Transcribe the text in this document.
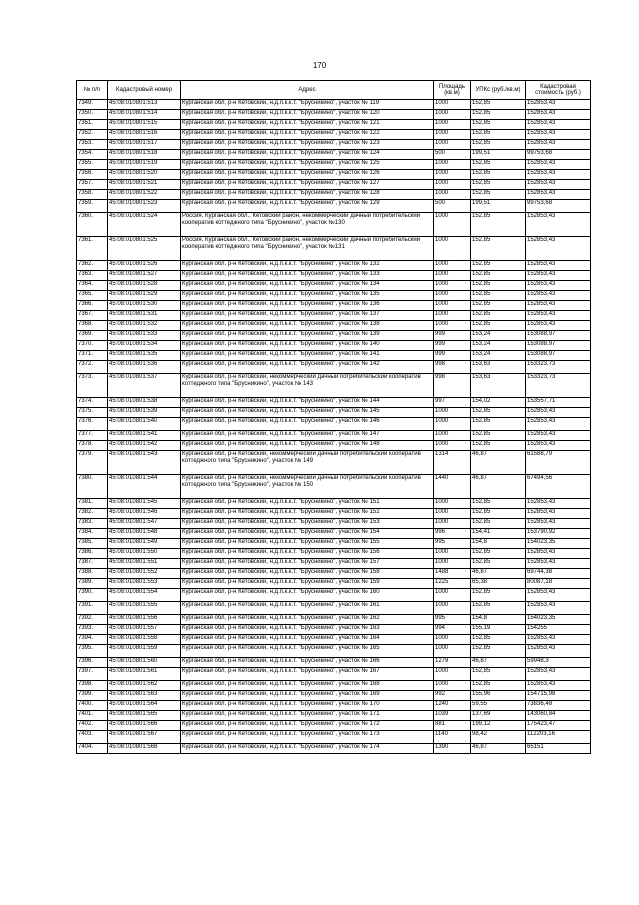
170
№ п/п	Кадастровый номер	Адрес	Площадь (кв.м)	УПКс (руб./кв.м)	Кадастровая стоимость (руб.)
7349.	45:08:010801:513	Курганская обл, р-н Кетовский, н.д.п.к.к.т. "Брусникино", участок № 119	1000	152,85	152853,43
7350.	45:08:010801:514	Курганская обл, р-н Кетовский, н.д.п.к.к.т. "Брусникино", участок № 120	1000	152,85	152853,43
7351.	45:08:010801:515	Курганская обл, р-н Кетовский, н.д.п.к.к.т. "Брусникино", участок № 121	1000	152,85	152853,43
7352.	45:08:010801:516	Курганская обл, р-н Кетовский, н.д.п.к.к.т. "Брусникино", участок № 122	1000	152,85	152853,43
7353.	45:08:010801:517	Курганская обл, р-н Кетовский, н.д.п.к.к.т. "Брусникино", участок № 123	1000	152,85	152853,43
7354.	45:08:010801:518	Курганская обл, р-н Кетовский, н.д.п.к.к.т. "Брусникино", участок № 124	500	199,51	99753,68
7355.	45:08:010801:519	Курганская обл, р-н Кетовский, н.д.п.к.к.т. "Брусникино", участок № 125	1000	152,85	152853,43
7356.	45:08:010801:520	Курганская обл, р-н Кетовский, н.д.п.к.к.т. "Брусникино", участок № 126	1000	152,85	152853,43
7357.	45:08:010801:521	Курганская обл, р-н Кетовский, н.д.п.к.к.т. "Брусникино", участок № 127	1000	152,85	152853,43
7358.	45:08:010801:522	Курганская обл, р-н Кетовский, н.д.п.к.к.т. "Брусникино", участок № 128	1000	152,85	152853,43
7359.	45:08:010801:523	Курганская обл, р-н Кетовский, н.д.п.к.к.т. "Брусникино", участок № 129	500	199,51	99753,68
7360.	45:08:010801:524	Россия, Курганская обл., Кетовский район, некоммерческий дачный потребительский кооператив коттеджного типа "Брусникино", участок №130	1000	152,85	152853,43
7361.	45:08:010801:525	Россия, Курганская обл., Кетовский район, некоммерческий дачный потребительский кооператив коттеджного типа "Брусникино", участок №131	1000	152,85	152853,43
7362.	45:08:010801:526	Курганская обл, р-н Кетовский, н.д.п.к.к.т. "Брусникино", участок № 132	1000	152,85	152853,43
7363.	45:08:010801:527	Курганская обл, р-н Кетовский, н.д.п.к.к.т. "Брусникино", участок № 133	1000	152,85	152853,43
7364.	45:08:010801:528	Курганская обл, р-н Кетовский, н.д.п.к.к.т. "Брусникино", участок № 134	1000	152,85	152853,43
7365.	45:08:010801:529	Курганская обл, р-н Кетовский, н.д.п.к.к.т. "Брусникино", участок № 135	1000	152,85	152853,43
7366.	45:08:010801:530	Курганская обл, р-н Кетовский, н.д.п.к.к.т. "Брусникино", участок № 136	1000	152,85	152853,43
7367.	45:08:010801:531	Курганская обл, р-н Кетовский, н.д.п.к.к.т. "Брусникино", участок № 137	1000	152,85	152853,43
7368.	45:08:010801:532	Курганская обл, р-н Кетовский, н.д.п.к.к.т. "Брусникино", участок № 138	1000	152,85	152853,43
7369.	45:08:010801:533	Курганская обл, р-н Кетовский, н.д.п.к.к.т. "Брусникино", участок № 139	999	153,24	153088,97
7370.	45:08:010801:534	Курганская обл, р-н Кетовский, н.д.п.к.к.т. "Брусникино", участок № 140	999	153,24	153088,97
7371.	45:08:010801:535	Курганская обл, р-н Кетовский, н.д.п.к.к.т. "Брусникино", участок № 141	999	153,24	153088,97
7372.	45:08:010801:536	Курганская обл, р-н Кетовский, н.д.п.к.к.т. "Брусникино", участок № 142	998	153,63	153323,73
7373.	45:08:010801:537	Курганская обл, р-н Кетовский, некоммерческий дачный потребительский кооператив коттеджного типа "Брусникино", участок № 143	998	153,63	153323,73
7374.	45:08:010801:538	Курганская обл, р-н Кетовский, н.д.п.к.к.т. "Брусникино", участок № 144	997	154,02	153557,71
7375.	45:08:010801:539	Курганская обл, р-н Кетовский, н.д.п.к.к.т. "Брусникино", участок № 145	1000	152,85	152853,43
7376.	45:08:010801:540	Курганская обл, р-н Кетовский, н.д.п.к.к.т. "Брусникино", участок № 146	1000	152,85	152853,43
7377.	45:08:010801:541	Курганская обл, р-н Кетовский, н.д.п.к.к.т. "Брусникино", участок № 147	1000	152,85	152853,43
7378.	45:08:010801:542	Курганская обл, р-н Кетовский, н.д.п.к.к.т. "Брусникино", участок № 148	1000	152,85	152853,43
7379.	45:08:010801:543	Курганская обл, р-н Кетовский, некоммерческий дачный потребительский кооператив коттеджного типа "Брусникино", участок № 149	1314	46,87	61588,79
7380.	45:08:010801:544	Курганская обл, р-н Кетовский, некоммерческий дачный потребительский кооператив коттеджного типа "Брусникино", участок № 150	1440	46,87	67494,56
7381.	45:08:010801:545	Курганская обл, р-н Кетовский, н.д.п.к.к.т. "Брусникино", участок № 151	1000	152,85	152853,43
7382.	45:08:010801:546	Курганская обл, р-н Кетовский, н.д.п.к.к.т. "Брусникино", участок № 152	1000	152,85	152853,43
7383.	45:08:010801:547	Курганская обл, р-н Кетовский, н.д.п.к.к.т. "Брусникино", участок № 153	1000	152,85	152853,43
7384.	45:08:010801:548	Курганская обл, р-н Кетовский, н.д.п.к.к.т. "Брусникино", участок № 154	996	154,41	153790,92
7385.	45:08:010801:549	Курганская обл, р-н Кетовский, н.д.п.к.к.т. "Брусникино", участок № 155	995	154,8	154023,35
7386.	45:08:010801:550	Курганская обл, р-н Кетовский, н.д.п.к.к.т. "Брусникино", участок № 156	1000	152,85	152853,43
7387.	45:08:010801:551	Курганская обл, р-н Кетовский, н.д.п.к.к.т. "Брусникино", участок № 157	1000	152,85	152853,43
7388.	45:08:010801:552	Курганская обл, р-н Кетовский, н.д.п.к.к.т. "Брусникино", участок № 158	1488	46,87	69744,38
7389.	45:08:010801:553	Курганская обл, р-н Кетовский, н.д.п.к.к.т. "Брусникино", участок № 159	1225	65,38	80087,18
7390.	45:08:010801:554	Курганская обл, р-н Кетовский, н.д.п.к.к.т. "Брусникино", участок № 160	1000	152,85	152853,43
7391.	45:08:010801:555	Курганская обл, р-н Кетовский, н.д.п.к.к.т. "Брусникино", участок № 161	1000	152,85	152853,43
7392.	45:08:010801:556	Курганская обл, р-н Кетовский, н.д.п.к.к.т. "Брусникино", участок № 162	995	154,8	154023,35
7393.	45:08:010801:557	Курганская обл, р-н Кетовский, н.д.п.к.к.т. "Брусникино", участок № 163	994	155,19	154255
7394.	45:08:010801:558	Курганская обл, р-н Кетовский, н.д.п.к.к.т. "Брусникино", участок № 164	1000	152,85	152853,43
7395.	45:08:010801:559	Курганская обл, р-н Кетовский, н.д.п.к.к.т. "Брусникино", участок № 165	1000	152,85	152853,43
7396.	45:08:010801:560	Курганская обл, р-н Кетовский, н.д.п.к.к.т. "Брусникино", участок № 166	1279	46,87	59948,3
7397.	45:08:010801:561	Курганская обл, р-н Кетовский, н.д.п.к.к.т. "Брусникино", участок № 167	1000	152,85	152853,43
7398.	45:08:010801:562	Курганская обл, р-н Кетовский, н.д.п.к.к.т. "Брусникино", участок № 168	1000	152,85	152853,43
7399.	45:08:010801:563	Курганская обл, р-н Кетовский, н.д.п.к.к.т. "Брусникино", участок № 169	992	155,96	154715,98
7400.	45:08:010801:564	Курганская обл, р-н Кетовский, н.д.п.к.к.т. "Брусникино", участок № 170	1240	59,55	73836,48
7401.	45:08:010801:565	Курганская обл, р-н Кетовский, н.д.п.к.к.т. "Брусникино", участок № 171	1039	137,69	143060,84
7402.	45:08:010801:566	Курганская обл, р-н Кетовский, н.д.п.к.к.т. "Брусникино", участок № 172	881	199,12	175423,47
7403.	45:08:010801:567	Курганская обл, р-н Кетовский, н.д.п.к.к.т. "Брусникино", участок № 173	1140	98,42	112203,16
7404.	45:08:010801:568	Курганская обл, р-н Кетовский, н.д.п.к.к.т. "Брусникино", участок № 174	1390	46,87	65151
